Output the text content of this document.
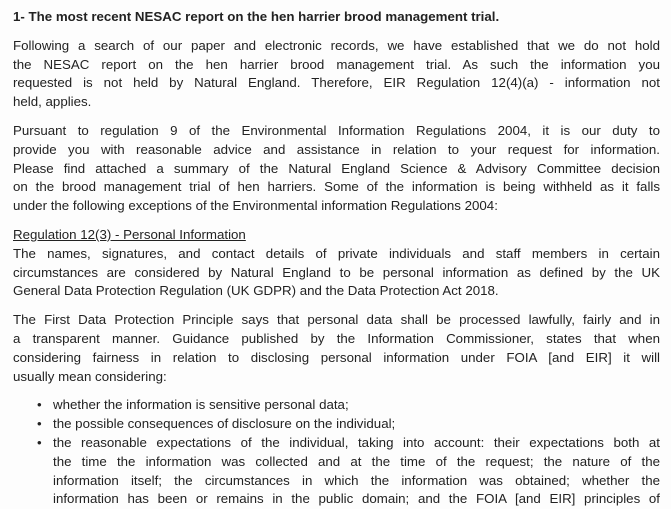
1- The most recent NESAC report on the hen harrier brood management trial.
Following a search of our paper and electronic records, we have established that we do not hold
the NESAC report on the hen harrier brood management trial. As such the information you
requested is not held by Natural England. Therefore, EIR Regulation 12(4)(a) - information not
held, applies.
Pursuant to regulation 9 of the Environmental Information Regulations 2004, it is our duty to
provide you with reasonable advice and assistance in relation to your request for information.
Please find attached a summary of the Natural England Science & Advisory Committee decision
on the brood management trial of hen harriers. Some of the information is being withheld as it falls
under the following exceptions of the Environmental information Regulations 2004:
Regulation 12(3) - Personal Information
The names, signatures, and contact details of private individuals and staff members in certain
circumstances are considered by Natural England to be personal information as defined by the UK
General Data Protection Regulation (UK GDPR) and the Data Protection Act 2018.
The First Data Protection Principle says that personal data shall be processed lawfully, fairly and in
a transparent manner. Guidance published by the Information Commissioner, states that when
considering fairness in relation to disclosing personal information under FOIA [and EIR] it will
usually mean considering:
• whether the information is sensitive personal data;
• the possible consequences of disclosure on the individual;
• the reasonable expectations of the individual, taking into account: their expectations both at
the time the information was collected and at the time of the request; the nature of the
information itself; the circumstances in which the information was obtained; whether the
information has been or remains in the public domain; and the FOIA [and EIR] principles of
